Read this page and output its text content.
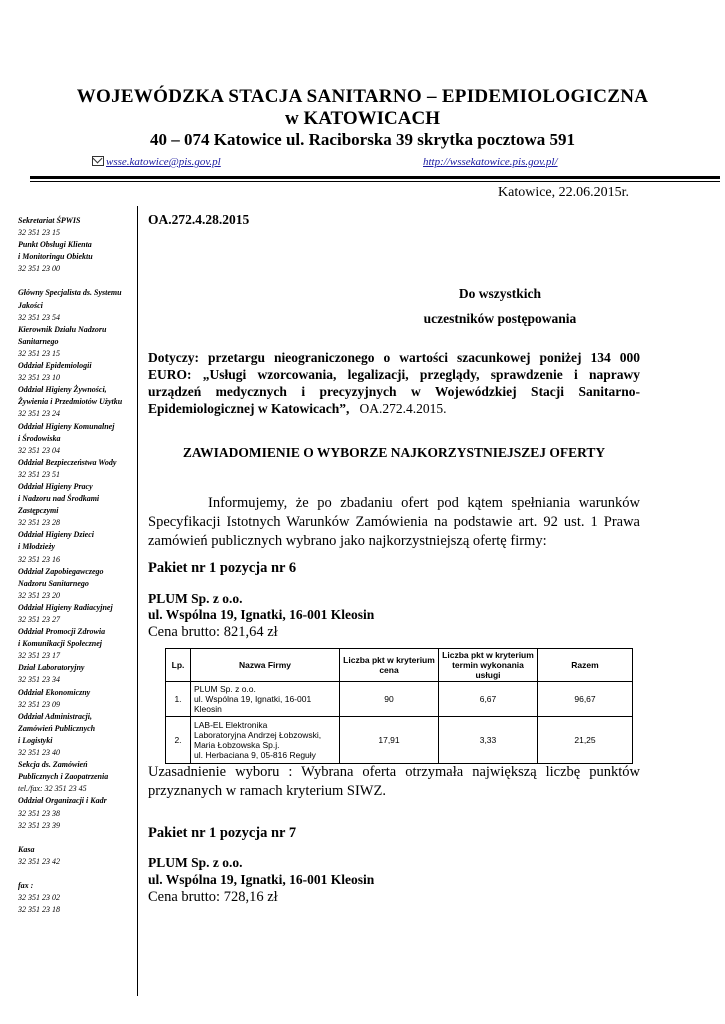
WOJEWÓDZKA STACJA SANITARNO – EPIDEMIOLOGICZNA
w KATOWICACH
40 – 074 Katowice ul. Raciborska 39 skrytka pocztowa 591
wsse.katowice@pis.gov.pl	http://wssekatowice.pis.gov.pl/
Katowice, 22.06.2015r.
Sekretariat ŚPWIS
32 351 23 15
Punkt Obsługi Klienta
i Monitoringu Obiektu
32 351 23 00
Główny Specjalista ds. Systemu
Jakości
32 351 23 54
Kierownik Działu Nadzoru
Sanitarnego
32 351 23 15
Oddział Epidemiologii
32 351 23 10
Oddział Higieny Żywności,
Żywienia i Przedmiotów Użytku
32 351 23 24
Oddział Higieny Komunalnej
i Środowiska
32 351 23 04
Oddział Bezpieczeństwa Wody
32 351 23 51
Oddział Higieny Pracy
i Nadzoru nad Środkami
Zastępczymi
32 351 23 28
Oddział Higieny Dzieci
i Młodzieży
32 351 23 16
Oddział Zapobiegawczego
Nadzoru Sanitarnego
32 351 23 20
Oddział Higieny Radiacyjnej
32 351 23 27
Oddział Promocji Zdrowia
i Komunikacji Społecznej
32 351 23 17
Dział Laboratoryjny
32 351 23 34
Oddział Ekonomiczny
32 351 23 09
Oddział Administracji,
Zamówień Publicznych
i Logistyki
32 351 23 40
Sekcja ds. Zamówień
Publicznych i Zaopatrzenia
tel./fax: 32 351 23 45
Oddział Organizacji i Kadr
32 351 23 38
32 351 23 39
Kasa
32 351 23 42
fax :
32 351 23 02
32 351 23 18
OA.272.4.28.2015
Do wszystkich
uczestników postępowania
Dotyczy: przetargu nieograniczonego o wartości szacunkowej poniżej 134 000 EURO: „Usługi wzorcowania, legalizacji, przeglądy, sprawdzenie i naprawy urządzeń medycznych i precyzyjnych w Wojewódzkiej Stacji Sanitarno-Epidemiologicznej w Katowicach”, OA.272.4.2015.
ZAWIADOMIENIE O WYBORZE NAJKORZYSTNIEJSZEJ OFERTY
Informujemy, że po zbadaniu ofert pod kątem spełniania warunków Specyfikacji Istotnych Warunków Zamówienia na podstawie art. 92 ust. 1 Prawa zamówień publicznych wybrano jako najkorzystniejszą ofertę firmy:
Pakiet nr 1 pozycja nr 6
PLUM Sp. z o.o.
ul. Wspólna 19, Ignatki, 16-001 Kleosin
Cena brutto: 821,64 zł
Lp.	Nazwa Firmy	Liczba pkt w kryterium cena	Liczba pkt w kryterium termin wykonania usługi	Razem
1.	PLUM Sp. z o.o.
ul. Wspólna 19, Ignatki, 16-001
Kleosin	90	6,67	96,67
2.	LAB-EL Elektronika
Laboratoryjna Andrzej Łobzowski,
Maria Łobzowska Sp.j.
ul. Herbaciana 9, 05-816 Reguły	17,91	3,33	21,25
Uzasadnienie wyboru : Wybrana oferta otrzymała największą liczbę punktów przyznanych w ramach kryterium SIWZ.
Pakiet nr 1 pozycja nr 7
PLUM Sp. z o.o.
ul. Wspólna 19, Ignatki, 16-001 Kleosin
Cena brutto: 728,16 zł
